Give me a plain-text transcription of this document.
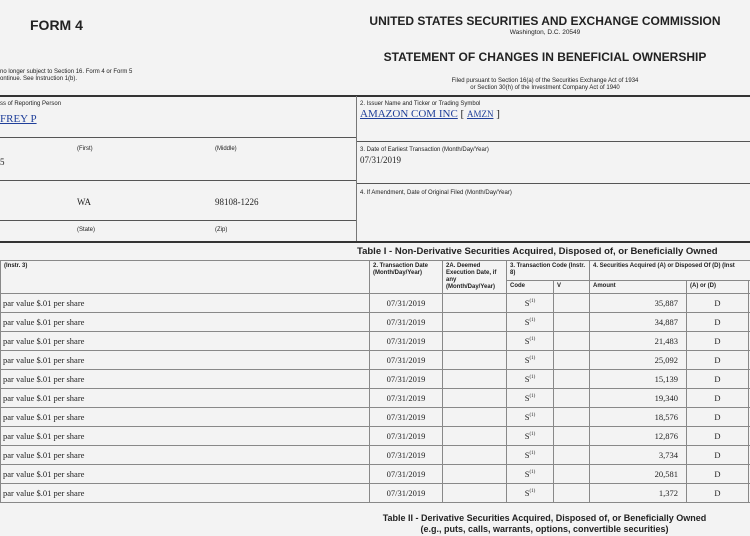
FORM 4
no longer subject to Section 16. Form 4 or Form 5
ontinue. See Instruction 1(b).
UNITED STATES SECURITIES AND EXCHANGE COMMISSION
Washington, D.C. 20549
STATEMENT OF CHANGES IN BENEFICIAL OWNERSHIP
Filed pursuant to Section 16(a) of the Securities Exchange Act of 1934
or Section 30(h) of the Investment Company Act of 1940
ss of Reporting Person
FREY P
(First)	(Middle)
5
WA	98108-1226
(State)	(Zip)
2. Issuer Name and Ticker or Trading Symbol
AMAZON COM INC [ AMZN ]
3. Date of Earliest Transaction (Month/Day/Year)
07/31/2019
4. If Amendment, Date of Original Filed (Month/Day/Year)
Table I - Non-Derivative Securities Acquired, Disposed of, or Beneficially Owned
(Instr. 3)	2. Transaction Date (Month/Day/Year)	2A. Deemed Execution Date, if any (Month/Day/Year)	3. Transaction Code (Instr. 8)		4. Securities Acquired (A) or Disposed Of (D) (Inst		
			Code	V	Amount	(A) or (D)	
par value $.01 per share	07/31/2019		$S^{(1)}$		35,887	D	
par value $.01 per share	07/31/2019		$S^{(1)}$		34,887	D	
par value $.01 per share	07/31/2019		$S^{(1)}$		21,483	D	
par value $.01 per share	07/31/2019		$S^{(1)}$		25,092	D	
par value $.01 per share	07/31/2019		$S^{(1)}$		15,139	D	
par value $.01 per share	07/31/2019		$S^{(1)}$		19,340	D	
par value $.01 per share	07/31/2019		$S^{(1)}$		18,576	D	
par value $.01 per share	07/31/2019		$S^{(1)}$		12,876	D	
par value $.01 per share	07/31/2019		$S^{(1)}$		3,734	D	
par value $.01 per share	07/31/2019		$S^{(1)}$		20,581	D	
par value $.01 per share	07/31/2019		$S^{(1)}$		1,372	D	
Table II - Derivative Securities Acquired, Disposed of, or Beneficially Owned
(e.g., puts, calls, warrants, options, convertible securities)
